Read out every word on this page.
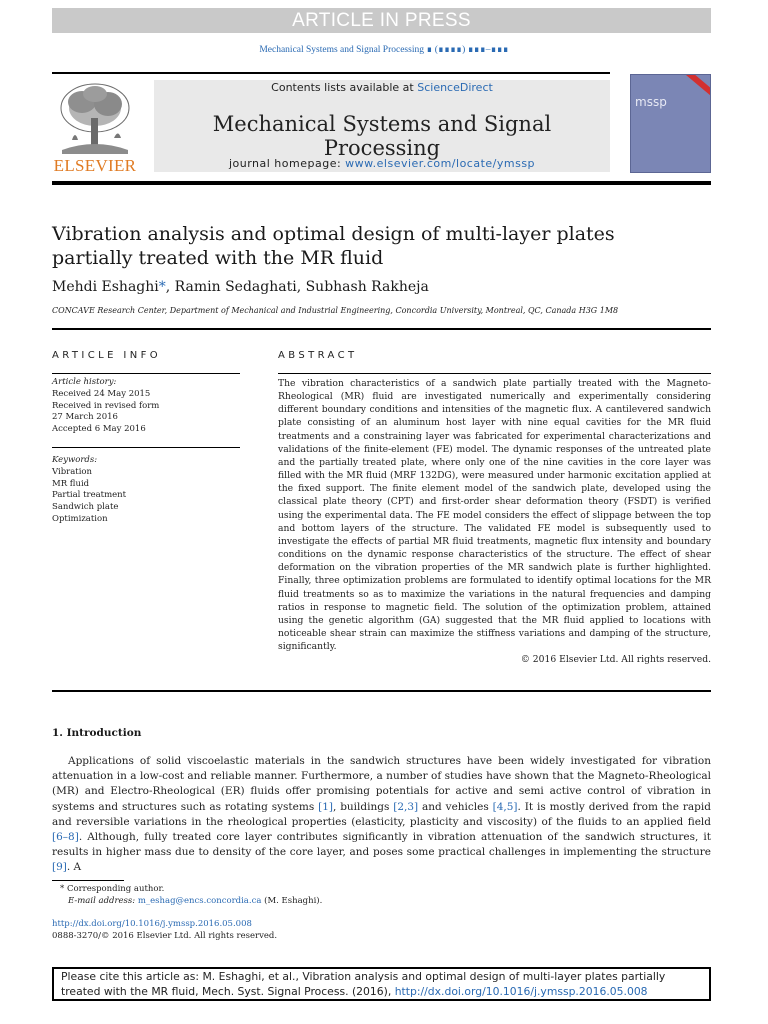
ARTICLE IN PRESS
Mechanical Systems and Signal Processing ∎ (∎∎∎∎) ∎∎∎–∎∎∎
ELSEVIER
Contents lists available at ScienceDirect
Mechanical Systems and Signal Processing
journal homepage: www.elsevier.com/locate/ymssp
mssp
Vibration analysis and optimal design of multi-layer plates partially treated with the MR fluid
Mehdi Eshaghi*, Ramin Sedaghati, Subhash Rakheja
CONCAVE Research Center, Department of Mechanical and Industrial Engineering, Concordia University, Montreal, QC, Canada H3G 1M8
ARTICLE INFO	ABSTRACT
Article history:
Received 24 May 2015
Received in revised form
27 March 2016
Accepted 6 May 2016
Keywords:
Vibration
MR fluid
Partial treatment
Sandwich plate
Optimization
The vibration characteristics of a sandwich plate partially treated with the Magneto-Rheological (MR) fluid are investigated numerically and experimentally considering different boundary conditions and intensities of the magnetic flux. A cantilevered sandwich plate consisting of an aluminum host layer with nine equal cavities for the MR fluid treatments and a constraining layer was fabricated for experimental characterizations and validations of the finite-element (FE) model. The dynamic responses of the untreated plate and the partially treated plate, where only one of the nine cavities in the core layer was filled with the MR fluid (MRF 132DG), were measured under harmonic excitation applied at the fixed support. The finite element model of the sandwich plate, developed using the classical plate theory (CPT) and first-order shear deformation theory (FSDT) is verified using the experimental data. The FE model considers the effect of slippage between the top and bottom layers of the structure. The validated FE model is subsequently used to investigate the effects of partial MR fluid treatments, magnetic flux intensity and boundary conditions on the dynamic response characteristics of the structure. The effect of shear deformation on the vibration properties of the MR sandwich plate is further highlighted. Finally, three optimization problems are formulated to identify optimal locations for the MR fluid treatments so as to maximize the variations in the natural frequencies and damping ratios in response to magnetic field. The solution of the optimization problem, attained using the genetic algorithm (GA) suggested that the MR fluid applied to locations with noticeable shear strain can maximize the stiffness variations and damping of the structure, significantly.
© 2016 Elsevier Ltd. All rights reserved.
1. Introduction
Applications of solid viscoelastic materials in the sandwich structures have been widely investigated for vibration attenuation in a low-cost and reliable manner. Furthermore, a number of studies have shown that the Magneto-Rheological (MR) and Electro-Rheological (ER) fluids offer promising potentials for active and semi active control of vibration in systems and structures such as rotating systems [1], buildings [2,3] and vehicles [4,5]. It is mostly derived from the rapid and reversible variations in the rheological properties (elasticity, plasticity and viscosity) of the fluids to an applied field [6–8]. Although, fully treated core layer contributes significantly in vibration attenuation of the sandwich structures, it results in higher mass due to density of the core layer, and poses some practical challenges in implementing the structure [9]. A
* Corresponding author.
E-mail address: m_eshag@encs.concordia.ca (M. Eshaghi).
http://dx.doi.org/10.1016/j.ymssp.2016.05.008
0888-3270/© 2016 Elsevier Ltd. All rights reserved.
Please cite this article as: M. Eshaghi, et al., Vibration analysis and optimal design of multi-layer plates partially treated with the MR fluid, Mech. Syst. Signal Process. (2016), http://dx.doi.org/10.1016/j.ymssp.2016.05.008
